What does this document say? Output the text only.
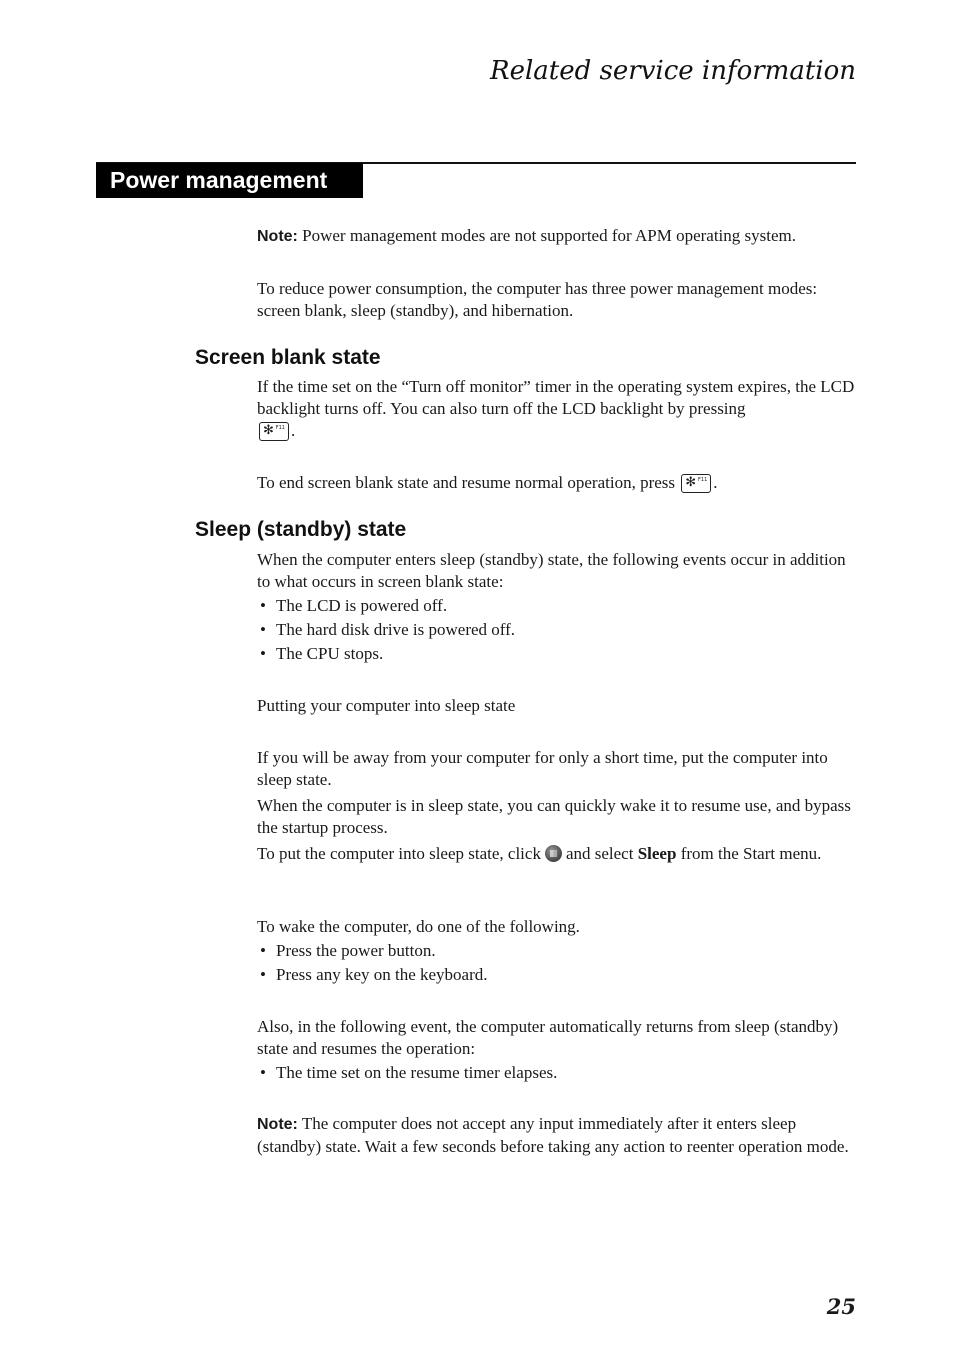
Related service information
Power management

Note: Power management modes are not supported for APM operating system.

To reduce power consumption, the computer has three power management modes: screen blank, sleep (standby), and hibernation.

Screen blank state

If the time set on the “Turn off monitor” timer in the operating system expires, the LCD backlight turns off. You can also turn off the LCD backlight by pressing

✻ F11 .

To end screen blank state and resume normal operation, press ✻ F11 .

Sleep (standby) state

When the computer enters sleep (standby) state, the following events occur in addition to what occurs in screen blank state:

• The LCD is powered off.
• The hard disk drive is powered off.
• The CPU stops.

Putting your computer into sleep state

If you will be away from your computer for only a short time, put the computer into sleep state.

When the computer is in sleep state, you can quickly wake it to resume use, and bypass the startup process.

To put the computer into sleep state, click and select Sleep from the Start menu.

To wake the computer, do one of the following.

• Press the power button.
• Press any key on the keyboard.

Also, in the following event, the computer automatically returns from sleep (standby) state and resumes the operation:

• The time set on the resume timer elapses.

Note: The computer does not accept any input immediately after it enters sleep (standby) state. Wait a few seconds before taking any action to reenter operation mode.

25
